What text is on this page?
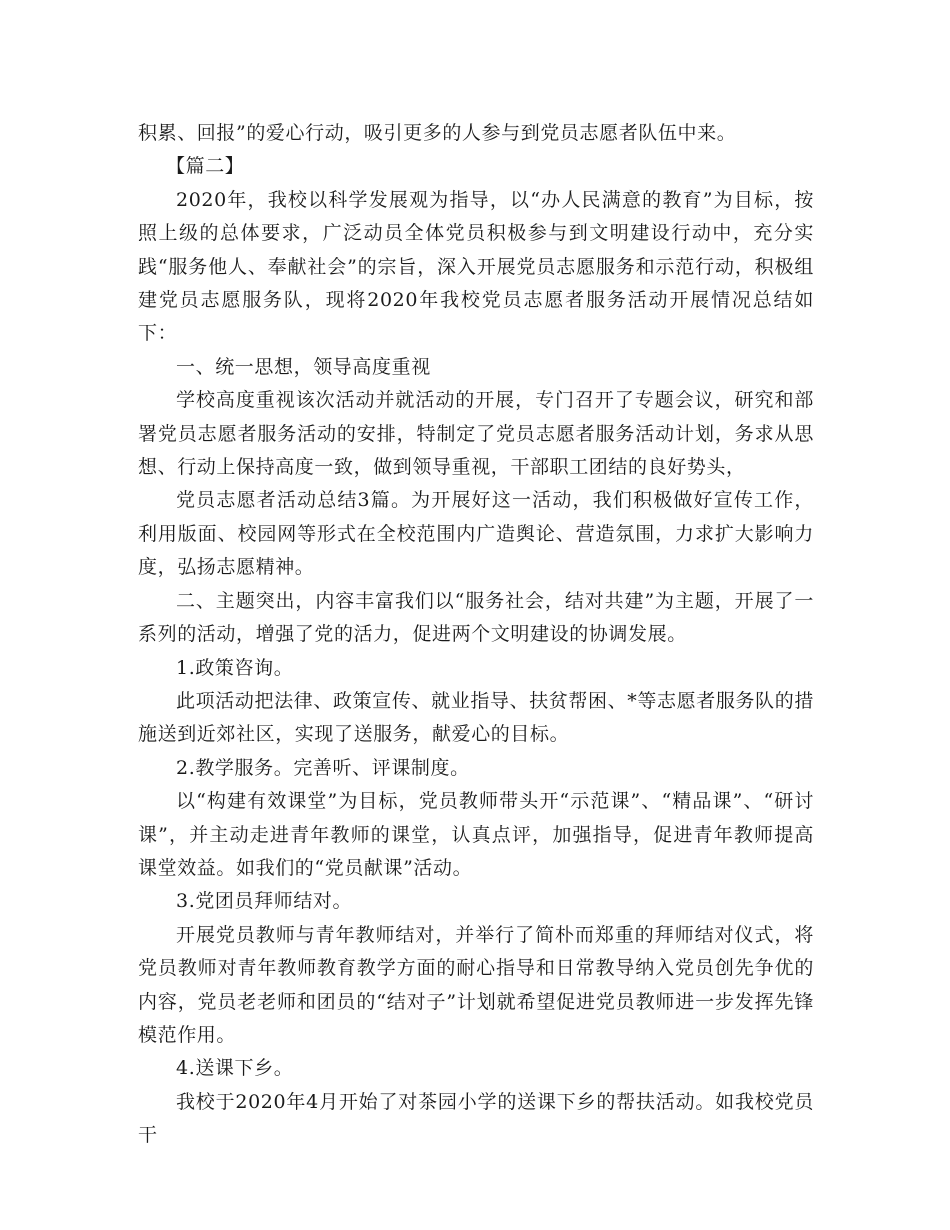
积累、回报”的爱心行动，吸引更多的人参与到党员志愿者队伍中来。

【篇二】

2020年，我校以科学发展观为指导，以“办人民满意的教育”为目标，按照上级的总体要求，广泛动员全体党员积极参与到文明建设行动中，充分实践“服务他人、奉献社会”的宗旨，深入开展党员志愿服务和示范行动，积极组建党员志愿服务队，现将2020年我校党员志愿者服务活动开展情况总结如下：

一、统一思想，领导高度重视

学校高度重视该次活动并就活动的开展，专门召开了专题会议，研究和部署党员志愿者服务活动的安排，特制定了党员志愿者服务活动计划，务求从思想、行动上保持高度一致，做到领导重视，干部职工团结的良好势头，

党员志愿者活动总结3篇。为开展好这一活动，我们积极做好宣传工作，利用版面、校园网等形式在全校范围内广造舆论、营造氛围，力求扩大影响力度，弘扬志愿精神。

二、主题突出，内容丰富我们以“服务社会，结对共建”为主题，开展了一系列的活动，增强了党的活力，促进两个文明建设的协调发展。

1.政策咨询。

此项活动把法律、政策宣传、就业指导、扶贫帮困、*等志愿者服务队的措施送到近郊社区，实现了送服务，献爱心的目标。

2.教学服务。完善听、评课制度。

以“构建有效课堂”为目标，党员教师带头开“示范课”、“精品课”、“研讨课”，并主动走进青年教师的课堂，认真点评，加强指导，促进青年教师提高课堂效益。如我们的“党员献课”活动。

3.党团员拜师结对。

开展党员教师与青年教师结对，并举行了简朴而郑重的拜师结对仪式，将党员教师对青年教师教育教学方面的耐心指导和日常教导纳入党员创先争优的内容，党员老老师和团员的“结对子”计划就希望促进党员教师进一步发挥先锋模范作用。

4.送课下乡。

我校于2020年4月开始了对茶园小学的送课下乡的帮扶活动。如我校党员干
